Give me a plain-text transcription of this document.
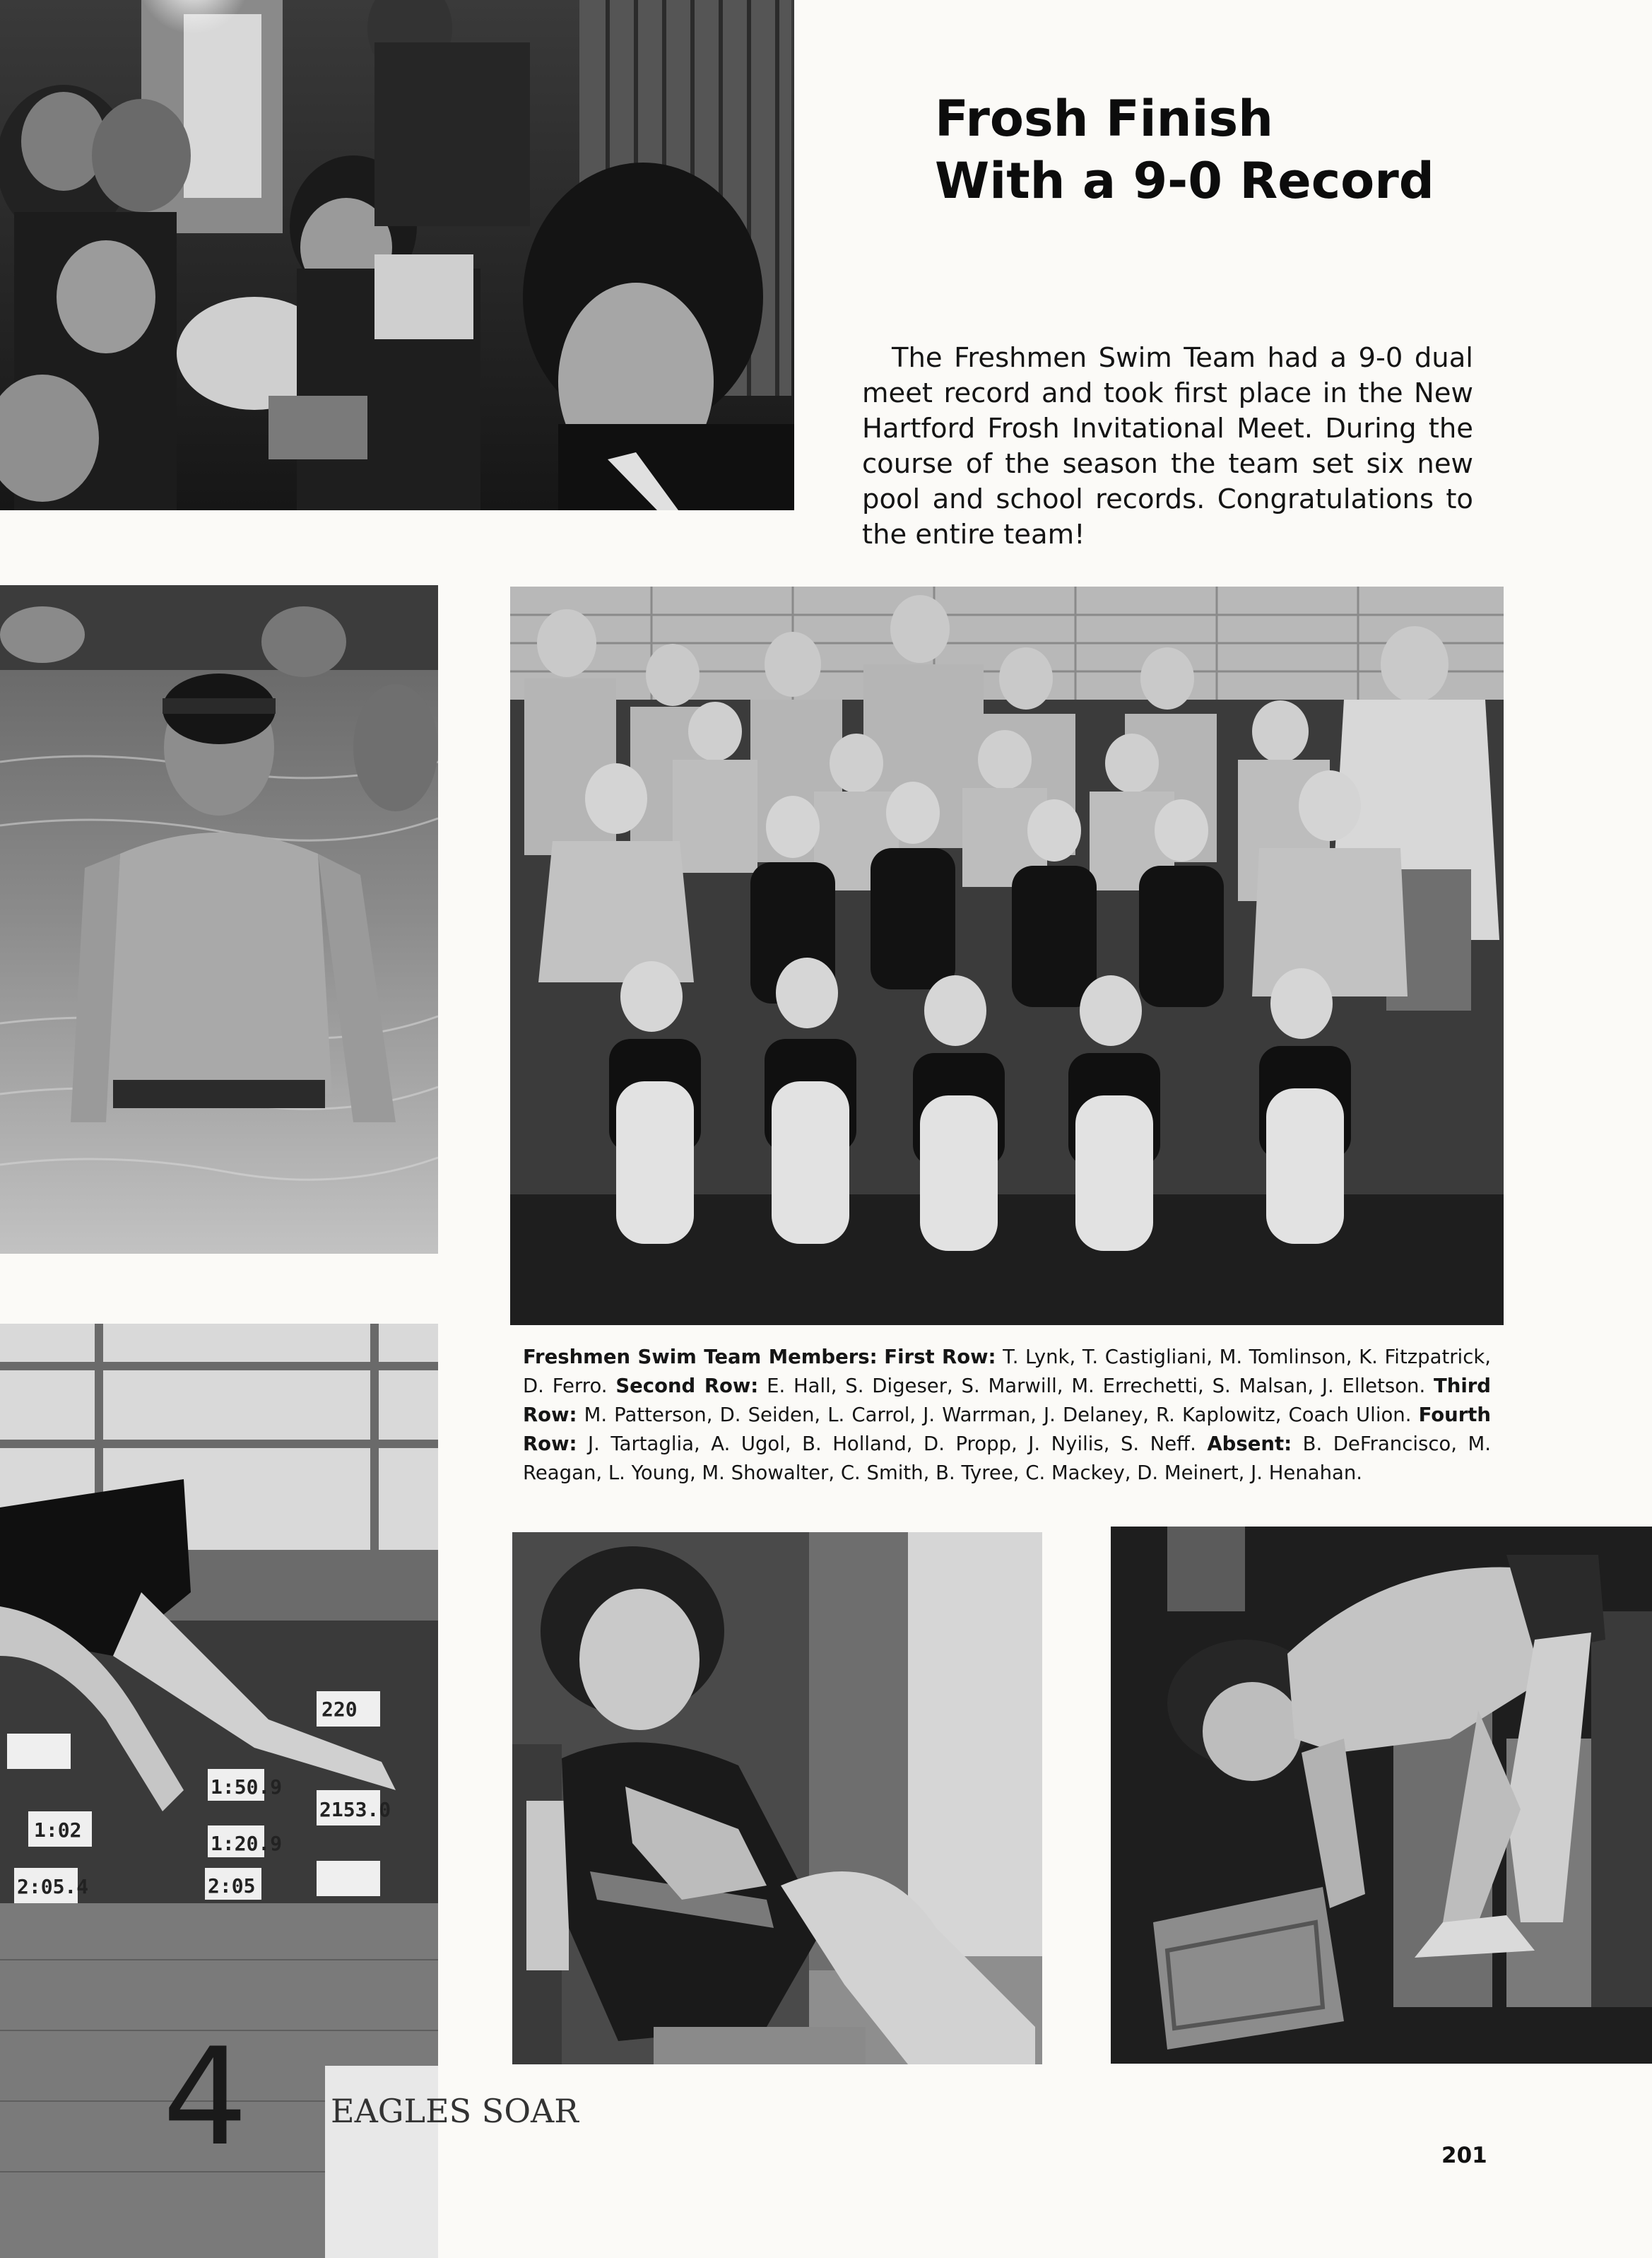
Frosh Finish
With a 9-0 Record

The Freshmen Swim Team had a 9-0 dual meet record and took first place in the New Hartford Frosh Invitational Meet. During the course of the season the team set six new pool and school records. Congratulations to the entire team!

Freshmen Swim Team Members: First Row: T. Lynk, T. Castigliani, M. Tomlinson, K. Fitzpatrick, D. Ferro. Second Row: E. Hall, S. Digeser, S. Marwill, M. Errechetti, S. Malsan, J. Elletson. Third Row: M. Patterson, D. Seiden, L. Carrol, J. Warrman, J. Delaney, R. Kaplowitz, Coach Ulion. Fourth Row: J. Tartaglia, A. Ugol, B. Holland, D. Propp, J. Nyilis, S. Neff. Absent: B. DeFrancisco, M. Reagan, L. Young, M. Showalter, C. Smith, B. Tyree, C. Mackey, D. Meinert, J. Henahan.

220
2153.0
1:02
1:50.9
1:20.9
2:05.4	2:05
4	EAGLES SOAR

201
